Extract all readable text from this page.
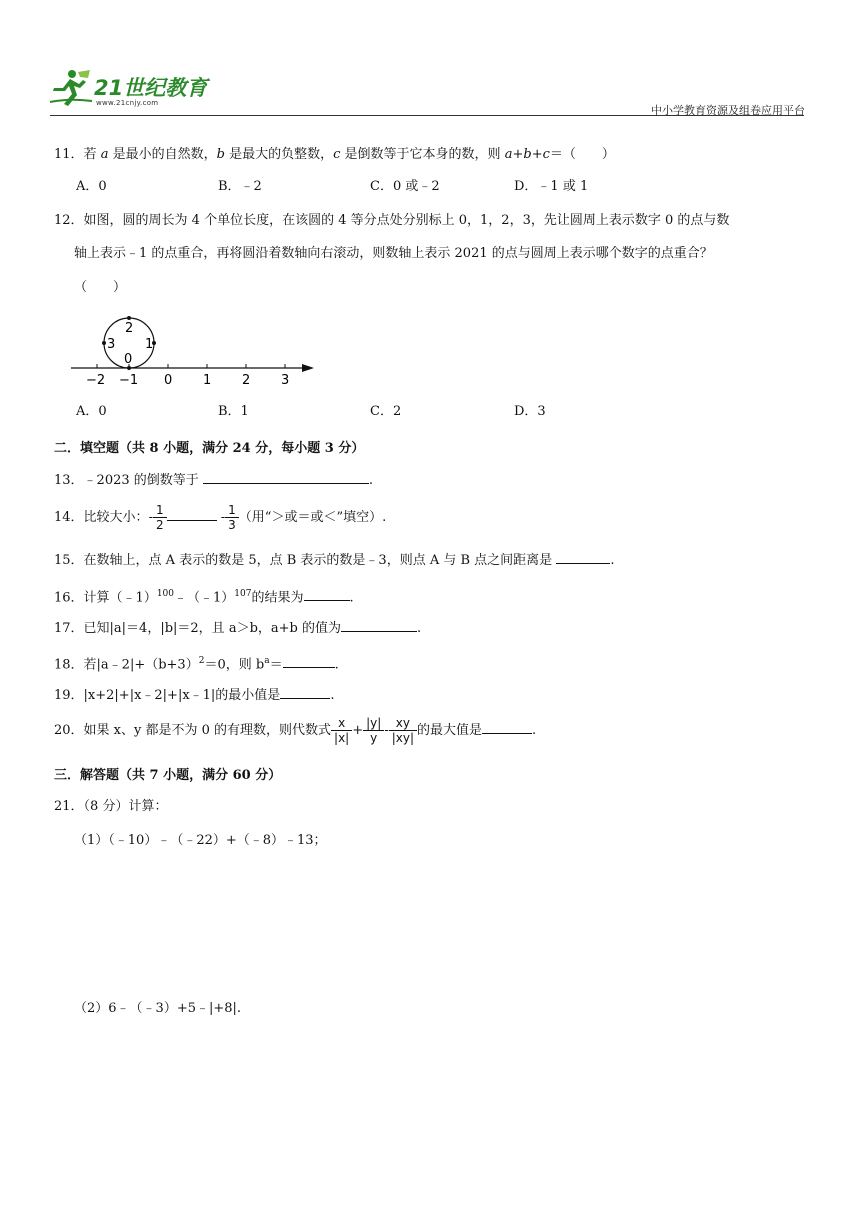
21世纪教育
www.21cnjy.com
中小学教育资源及组卷应用平台
11．若 a 是最小的自然数，b 是最大的负整数，c 是倒数等于它本身的数，则 a+b+c＝（　　）
A．0	B．﹣2	C．0 或﹣2	D．﹣1 或 1
12．如图，圆的周长为 4 个单位长度，在该圆的 4 等分点处分别标上 0，1，2，3，先让圆周上表示数字 0 的点与数
轴上表示﹣1 的点重合，再将圆沿着数轴向右滚动，则数轴上表示 2021 的点与圆周上表示哪个数字的点重合？
（　　）
2
3 1
0
−2 −1 0 1 2 3
A．0	B．1	C．2	D．3
二．填空题（共 8 小题，满分 24 分，每小题 3 分）
13．﹣2023 的倒数等于	.
14．比较大小：- $\frac{1}{2}$	- $\frac{1}{3}$ （用“＞或＝或＜”填空）.
15．在数轴上，点 A 表示的数是 5，点 B 表示的数是﹣3，则点 A 与 B 点之间距离是	.
16．计算（﹣1）$^{100}$﹣（﹣1）$^{107}$的结果为	.
17．已知|a|＝4，|b|＝2，且 a＞b，a+b 的值为	.
18．若$|a﹣2|+(b+3)^2=0$，则 $b^a=$	.
19．|x+2|+|x﹣2|+|x﹣1|的最小值是	.
20．如果 x、y 都是不为 0 的有理数，则代数式 $\frac{x}{|x|} + \frac{|y|}{y} - \frac{xy}{|xy|}$ 的最大值是	.
三．解答题（共 7 小题，满分 60 分）
21．（8 分）计算：
（1）（﹣10）﹣（﹣22）+（﹣8）﹣13；
（2）6﹣（﹣3）+5﹣|+8|.
